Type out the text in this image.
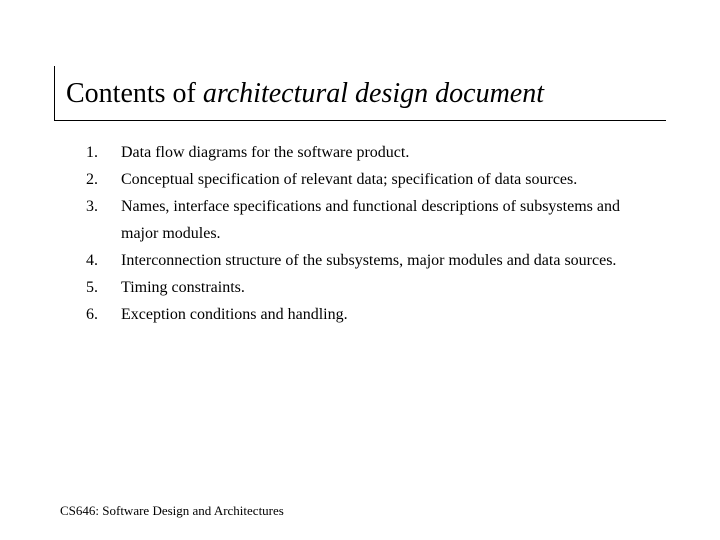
Contents of architectural design document
1. Data flow diagrams for the software product.
2. Conceptual specification of relevant data; specification of data sources.
3. Names, interface specifications and functional descriptions of subsystems and major modules.
4. Interconnection structure of the subsystems, major modules and data sources.
5. Timing constraints.
6. Exception conditions and handling.
CS646: Software Design and Architectures
